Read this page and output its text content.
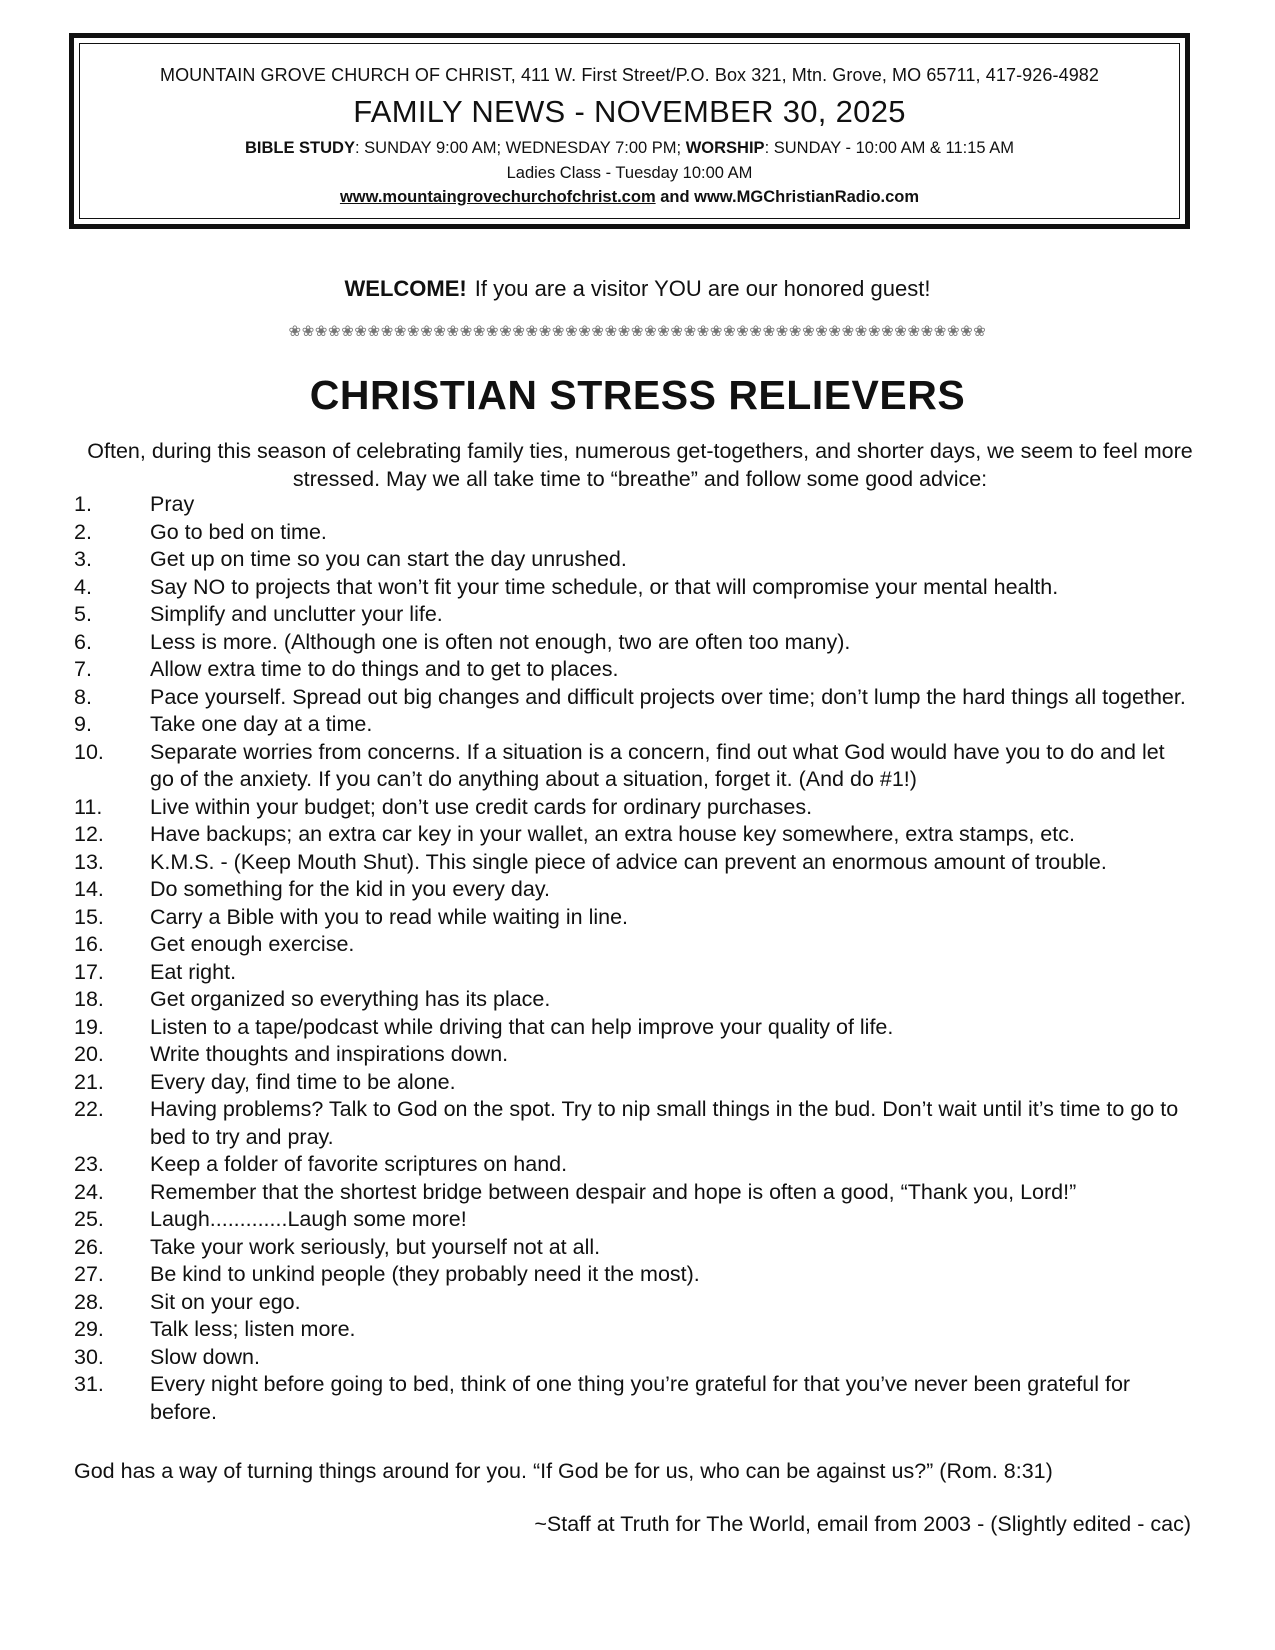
MOUNTAIN GROVE CHURCH OF CHRIST, 411 W. First Street/P.O. Box 321, Mtn. Grove, MO 65711, 417-926-4982
FAMILY NEWS - NOVEMBER 30, 2025
BIBLE STUDY: SUNDAY 9:00 AM; WEDNESDAY 7:00 PM; WORSHIP: SUNDAY - 10:00 AM & 11:15 AM
Ladies Class - Tuesday 10:00 AM
www.mountaingrovechurchofchrist.com and www.MGChristianRadio.com
WELCOME! If you are a visitor YOU are our honored guest!
❀❀❀❀❀❀❀❀❀❀❀❀❀❀❀❀❀❀❀❀❀❀❀❀❀❀❀❀❀❀❀❀❀❀❀❀❀❀❀❀❀❀❀❀❀❀❀❀❀❀❀❀❀
CHRISTIAN STRESS RELIEVERS
Often, during this season of celebrating family ties, numerous get-togethers, and shorter days, we seem to feel more stressed. May we all take time to “breathe” and follow some good advice:
1.	Pray
2.	Go to bed on time.
3.	Get up on time so you can start the day unrushed.
4.	Say NO to projects that won’t fit your time schedule, or that will compromise your mental health.
5.	Simplify and unclutter your life.
6.	Less is more. (Although one is often not enough, two are often too many).
7.	Allow extra time to do things and to get to places.
8.	Pace yourself. Spread out big changes and difficult projects over time; don’t lump the hard things all together.
9.	Take one day at a time.
10. Separate worries from concerns. If a situation is a concern, find out what God would have you to do and let go of the anxiety. If you can’t do anything about a situation, forget it. (And do #1!)
11. Live within your budget; don’t use credit cards for ordinary purchases.
12. Have backups; an extra car key in your wallet, an extra house key somewhere, extra stamps, etc.
13. K.M.S. - (Keep Mouth Shut). This single piece of advice can prevent an enormous amount of trouble.
14. Do something for the kid in you every day.
15. Carry a Bible with you to read while waiting in line.
16. Get enough exercise.
17. Eat right.
18. Get organized so everything has its place.
19. Listen to a tape/podcast while driving that can help improve your quality of life.
20. Write thoughts and inspirations down.
21. Every day, find time to be alone.
22. Having problems? Talk to God on the spot. Try to nip small things in the bud. Don’t wait until it’s time to go to bed to try and pray.
23. Keep a folder of favorite scriptures on hand.
24. Remember that the shortest bridge between despair and hope is often a good, “Thank you, Lord!”
25. Laugh.............Laugh some more!
26. Take your work seriously, but yourself not at all.
27. Be kind to unkind people (they probably need it the most).
28. Sit on your ego.
29. Talk less; listen more.
30. Slow down.
31. Every night before going to bed, think of one thing you’re grateful for that you’ve never been grateful for before.
God has a way of turning things around for you. “If God be for us, who can be against us?” (Rom. 8:31)
~Staff at Truth for The World, email from 2003 - (Slightly edited - cac)
